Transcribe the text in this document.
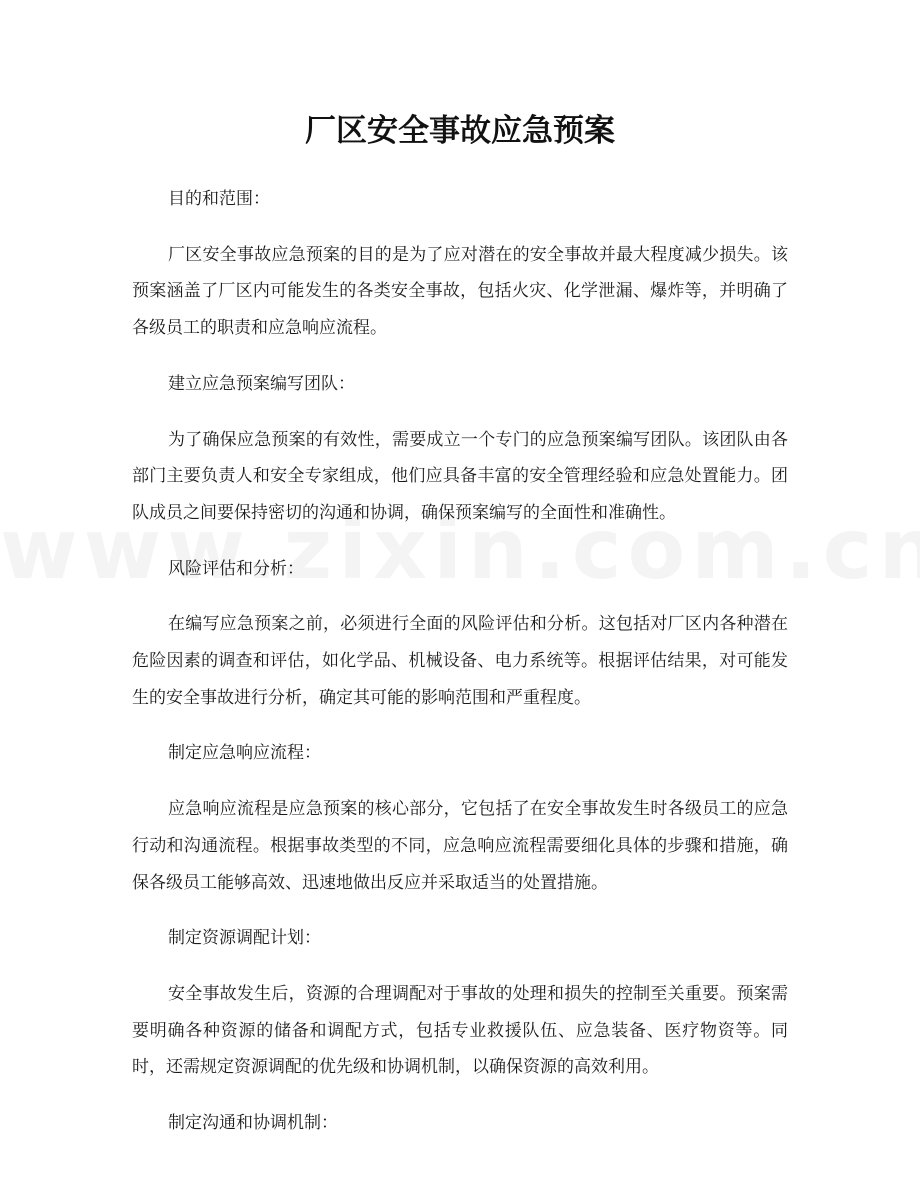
厂区安全事故应急预案

目的和范围：

厂区安全事故应急预案的目的是为了应对潜在的安全事故并最大程度减少损失。该预案涵盖了厂区内可能发生的各类安全事故，包括火灾、化学泄漏、爆炸等，并明确了各级员工的职责和应急响应流程。

建立应急预案编写团队：

为了确保应急预案的有效性，需要成立一个专门的应急预案编写团队。该团队由各部门主要负责人和安全专家组成，他们应具备丰富的安全管理经验和应急处置能力。团队成员之间要保持密切的沟通和协调，确保预案编写的全面性和准确性。

风险评估和分析：

在编写应急预案之前，必须进行全面的风险评估和分析。这包括对厂区内各种潜在危险因素的调查和评估，如化学品、机械设备、电力系统等。根据评估结果，对可能发生的安全事故进行分析，确定其可能的影响范围和严重程度。

制定应急响应流程：

应急响应流程是应急预案的核心部分，它包括了在安全事故发生时各级员工的应急行动和沟通流程。根据事故类型的不同，应急响应流程需要细化具体的步骤和措施，确保各级员工能够高效、迅速地做出反应并采取适当的处置措施。

制定资源调配计划：

安全事故发生后，资源的合理调配对于事故的处理和损失的控制至关重要。预案需要明确各种资源的储备和调配方式，包括专业救援队伍、应急装备、医疗物资等。同时，还需规定资源调配的优先级和协调机制，以确保资源的高效利用。

制定沟通和协调机制：
